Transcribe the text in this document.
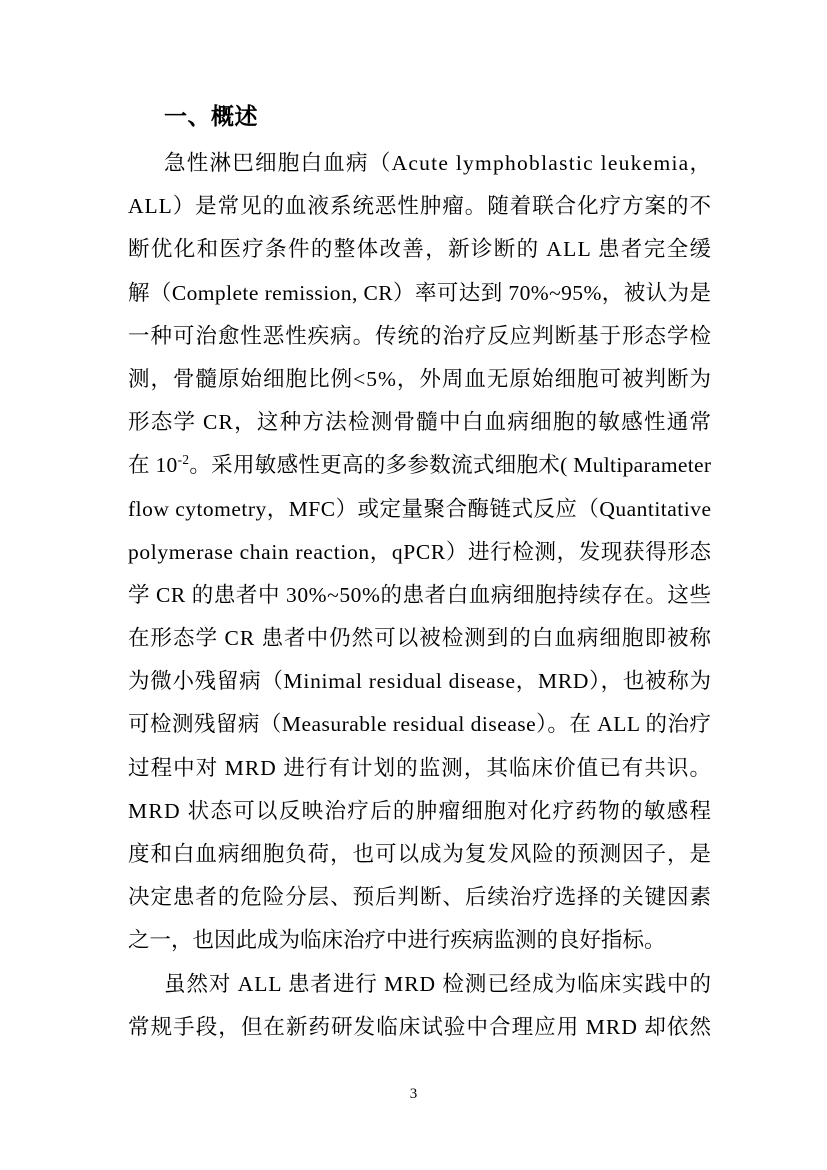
一、概述
急性淋巴细胞白血病（Acute lymphoblastic leukemia，
ALL）是常见的血液系统恶性肿瘤。随着联合化疗方案的不
断优化和医疗条件的整体改善，新诊断的 ALL 患者完全缓
解（Complete remission, CR）率可达到 70%~95%，被认为是
一种可治愈性恶性疾病。传统的治疗反应判断基于形态学检
测，骨髓原始细胞比例<5%，外周血无原始细胞可被判断为
形态学 CR，这种方法检测骨髓中白血病细胞的敏感性通常
在 $10^{-2}$。采用敏感性更高的多参数流式细胞术( Multiparameter
flow cytometry，MFC）或定量聚合酶链式反应（Quantitative
polymerase chain reaction，qPCR）进行检测，发现获得形态
学 CR 的患者中 30%~50%的患者白血病细胞持续存在。这些
在形态学 CR 患者中仍然可以被检测到的白血病细胞即被称
为微小残留病（Minimal residual disease，MRD），也被称为
可检测残留病（Measurable residual disease）。在 ALL 的治疗
过程中对 MRD 进行有计划的监测，其临床价值已有共识。
MRD 状态可以反映治疗后的肿瘤细胞对化疗药物的敏感程
度和白血病细胞负荷，也可以成为复发风险的预测因子，是
决定患者的危险分层、预后判断、后续治疗选择的关键因素
之一，也因此成为临床治疗中进行疾病监测的良好指标。
虽然对 ALL 患者进行 MRD 检测已经成为临床实践中的
常规手段，但在新药研发临床试验中合理应用 MRD 却依然
3
